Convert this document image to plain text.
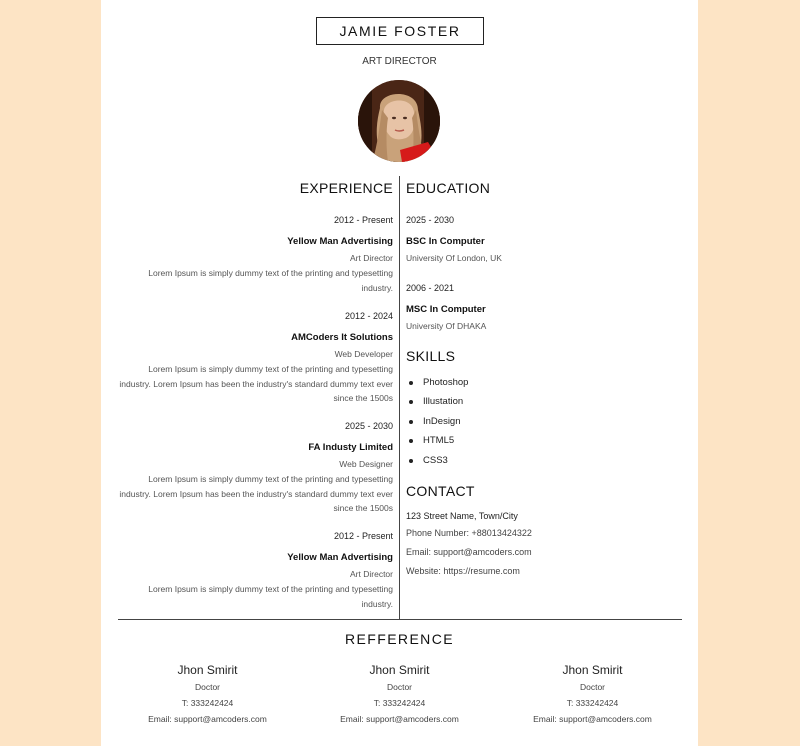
JAMIE FOSTER
ART DIRECTOR
EXPERIENCE
2012 - Present
Yellow Man Advertising
Art Director
Lorem Ipsum is simply dummy text of the printing and typesetting
industry.
2012 - 2024
AMCoders It Solutions
Web Developer
Lorem Ipsum is simply dummy text of the printing and typesetting
industry. Lorem Ipsum has been the industry's standard dummy text ever
since the 1500s
2025 - 2030
FA Industy Limited
Web Designer
Lorem Ipsum is simply dummy text of the printing and typesetting
industry. Lorem Ipsum has been the industry's standard dummy text ever
since the 1500s
2012 - Present
Yellow Man Advertising
Art Director
Lorem Ipsum is simply dummy text of the printing and typesetting
industry.
EDUCATION
2025 - 2030
BSC In Computer
University Of London, UK
2006 - 2021
MSC In Computer
University Of DHAKA
SKILLS
Photoshop
Illustation
InDesign
HTML5
CSS3
CONTACT
123 Street Name, Town/City
Phone Number: +88013424322
Email: support@amcoders.com
Website: https://resume.com
REFFERENCE
Jhon Smirit
Doctor
T: 333242424
Email: support@amcoders.com
Jhon Smirit
Doctor
T: 333242424
Email: support@amcoders.com
Jhon Smirit
Doctor
T: 333242424
Email: support@amcoders.com
